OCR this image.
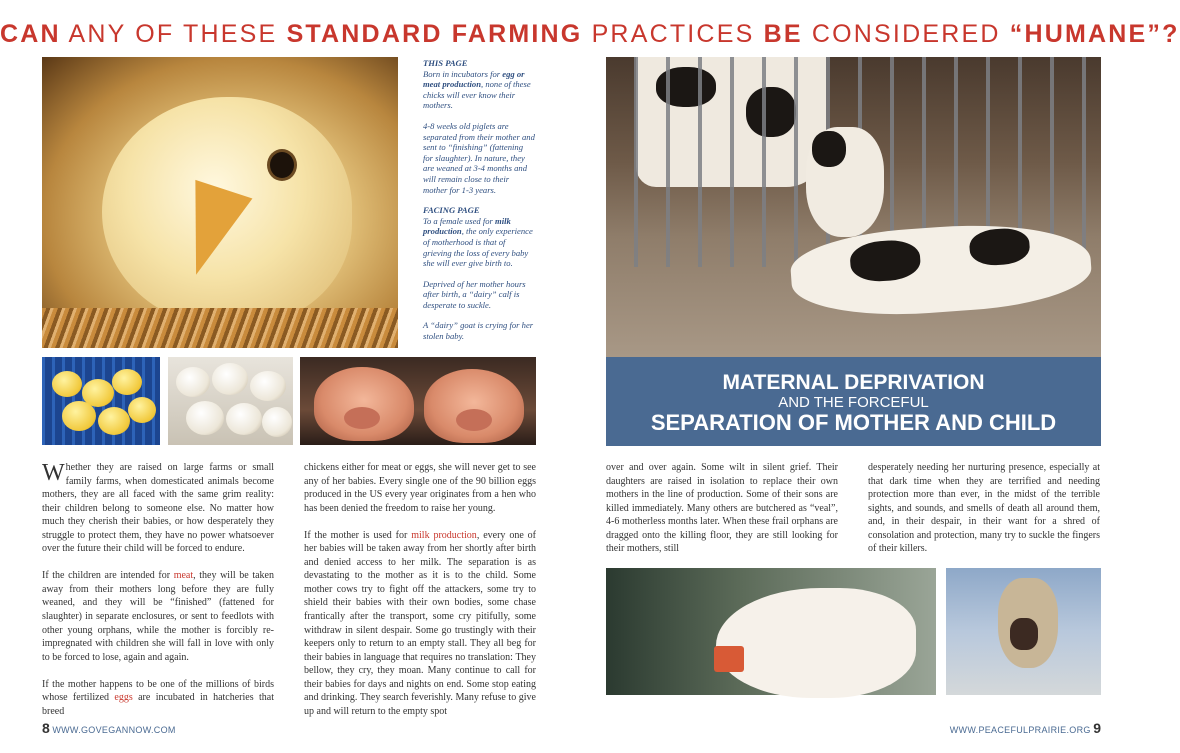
CAN ANY OF THESE STANDARD FARMING PRACTICES BE CONSIDERED “HUMANE”?

THIS PAGE
Born in incubators for egg or meat production, none of these chicks will ever know their mothers.

4-8 weeks old piglets are separated from their mother and sent to “finishing” (fattening for slaughter). In nature, they are weaned at 3-4 months and will remain close to their mother for 1-3 years.

FACING PAGE
To a female used for milk production, the only experience of motherhood is that of grieving the loss of every baby she will ever give birth to.

Deprived of her mother hours after birth, a “dairy” calf is desperate to suckle.

A “dairy” goat is crying for her stolen baby.

MATERNAL DEPRIVATION
AND THE FORCEFUL
SEPARATION OF MOTHER AND CHILD

Whether they are raised on large farms or small family farms, when domesticated animals become mothers, they are all faced with the same grim reality: their children belong to someone else. No matter how much they cherish their babies, or how desperately they struggle to protect them, they have no power whatsoever over the future their child will be forced to endure.

If the children are intended for meat, they will be taken away from their mothers long before they are fully weaned, and they will be “finished” (fattened for slaughter) in separate enclosures, or sent to feedlots with other young orphans, while the mother is forcibly re-impregnated with children she will fall in love with only to be forced to lose, again and again.

If the mother happens to be one of the millions of birds whose fertilized eggs are incubated in hatcheries that breed

chickens either for meat or eggs, she will never get to see any of her babies. Every single one of the 90 billion eggs produced in the US every year originates from a hen who has been denied the freedom to raise her young.

If the mother is used for milk production, every one of her babies will be taken away from her shortly after birth and denied access to her milk. The separation is as devastating to the mother as it is to the child. Some mother cows try to fight off the attackers, some try to shield their babies with their own bodies, some chase frantically after the transport, some cry pitifully, some withdraw in silent despair. Some go trustingly with their keepers only to return to an empty stall. They all beg for their babies in language that requires no translation: They bellow, they cry, they moan. Many continue to call for their babies for days and nights on end. Some stop eating and drinking. They search feverishly. Many refuse to give up and will return to the empty spot

over and over again. Some wilt in silent grief. Their daughters are raised in isolation to replace their own mothers in the line of production. Some of their sons are killed immediately. Many others are butchered as “veal”, 4-6 motherless months later. When these frail orphans are dragged onto the killing floor, they are still looking for their mothers, still

desperately needing her nurturing presence, especially at that dark time when they are terrified and needing protection more than ever, in the midst of the terrible sights, and sounds, and smells of death all around them, and, in their despair, in their want for a shred of consolation and protection, many try to suckle the fingers of their killers.

8 WWW.GOVEGANNOW.COM	WWW.PEACEFULPRAIRIE.ORG 9
